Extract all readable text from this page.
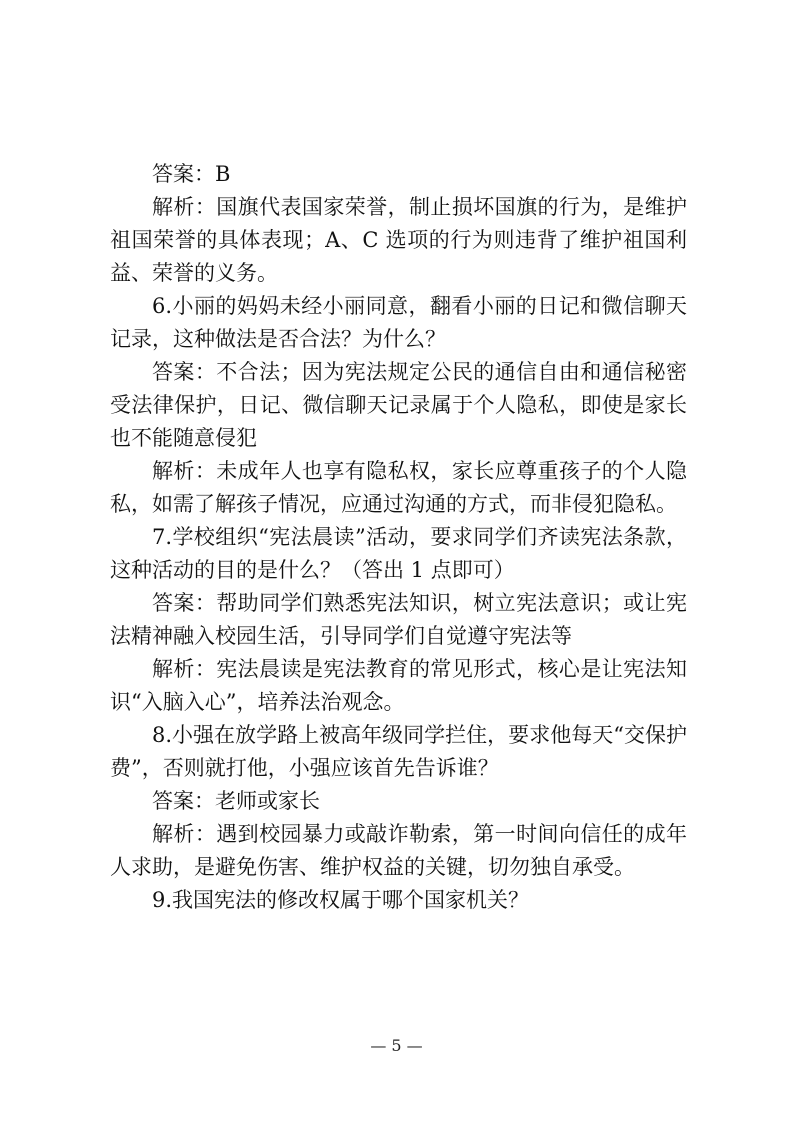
答案：B

解析：国旗代表国家荣誉，制止损坏国旗的行为，是维护祖国荣誉的具体表现；A、C 选项的行为则违背了维护祖国利益、荣誉的义务。

6.小丽的妈妈未经小丽同意，翻看小丽的日记和微信聊天记录，这种做法是否合法？为什么？

答案：不合法；因为宪法规定公民的通信自由和通信秘密受法律保护，日记、微信聊天记录属于个人隐私，即使是家长也不能随意侵犯

解析：未成年人也享有隐私权，家长应尊重孩子的个人隐私，如需了解孩子情况，应通过沟通的方式，而非侵犯隐私。

7.学校组织“宪法晨读”活动，要求同学们齐读宪法条款，这种活动的目的是什么？（答出 1 点即可）

答案：帮助同学们熟悉宪法知识，树立宪法意识；或让宪法精神融入校园生活，引导同学们自觉遵守宪法等

解析：宪法晨读是宪法教育的常见形式，核心是让宪法知识“入脑入心”，培养法治观念。

8.小强在放学路上被高年级同学拦住，要求他每天“交保护费”，否则就打他，小强应该首先告诉谁？

答案：老师或家长

解析：遇到校园暴力或敲诈勒索，第一时间向信任的成年人求助，是避免伤害、维护权益的关键，切勿独自承受。

9.我国宪法的修改权属于哪个国家机关？

— 5 —
